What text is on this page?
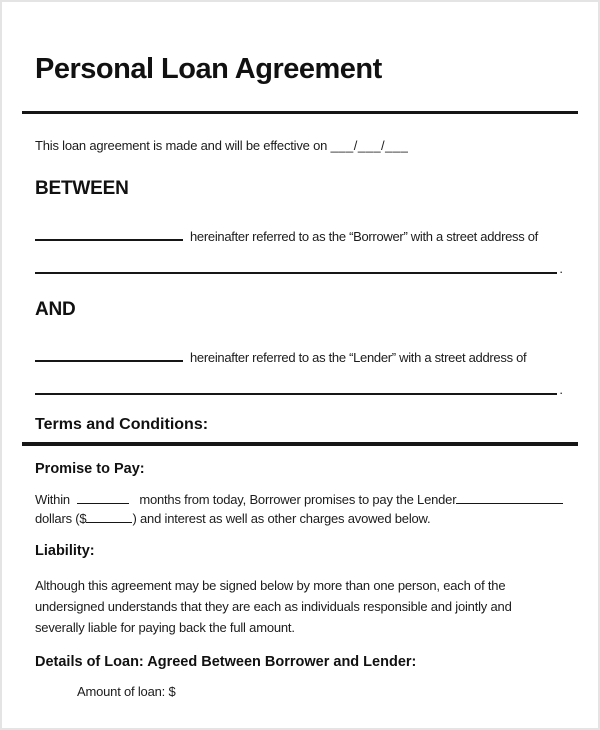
Personal Loan Agreement

This loan agreement is made and will be effective on ___/___/___

BETWEEN

hereinafter referred to as the “Borrower” with a street address of

.
AND

hereinafter referred to as the “Lender” with a street address of

.
Terms and Conditions:
Promise to Pay:
Within	months from today, Borrower promises to pay the Lender
dollars ($	) and interest as well as other charges avowed below.
Liability:

Although this agreement may be signed below by more than one person, each of the undersigned understands that they are each as individuals responsible and jointly and severally liable for paying back the full amount.

Details of Loan: Agreed Between Borrower and Lender:
Amount of loan: $
